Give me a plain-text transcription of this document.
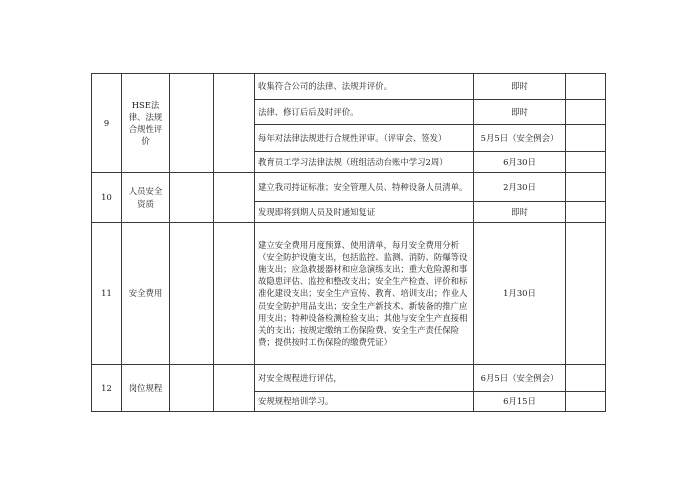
9	HSE法律、法规合规性评价			收集符合公司的法律、法规并评价。	即时	
				法律、修订后后及时评价。	即时	
				每年对法律法规进行合规性评审。（评审会、签发）	5月5日（安全例会）	
				教育员工学习法律法规（班组活动台账中学习2周）	6月30日	
10	人员安全资质			建立我司持证标准；安全管理人员、特种设备人员清单。	2月30日	
				发现即将到期人员及时通知复证	即时	
11	安全费用			建立安全费用月度预算、使用清单，每月安全费用分析（安全防护设施支出，包括监控、监测、消防、防爆等设施支出；应急救援器材和应急演练支出；重大危险源和事故隐患评估、监控和整改支出；安全生产检查、评价和标准化建设支出；安全生产宣传、教育、培训支出；作业人员安全防护用品支出；安全生产新技术、新装备的推广应用支出；特种设备检测检验支出；其他与安全生产直接相关的支出；按规定缴纳工伤保险费、安全生产责任保险费；提供按时工伤保险的缴费凭证）	1月30日	
12	岗位规程			对安全规程进行评估，	6月5日（安全例会）	
				安规规程培训学习。	6月15日	
